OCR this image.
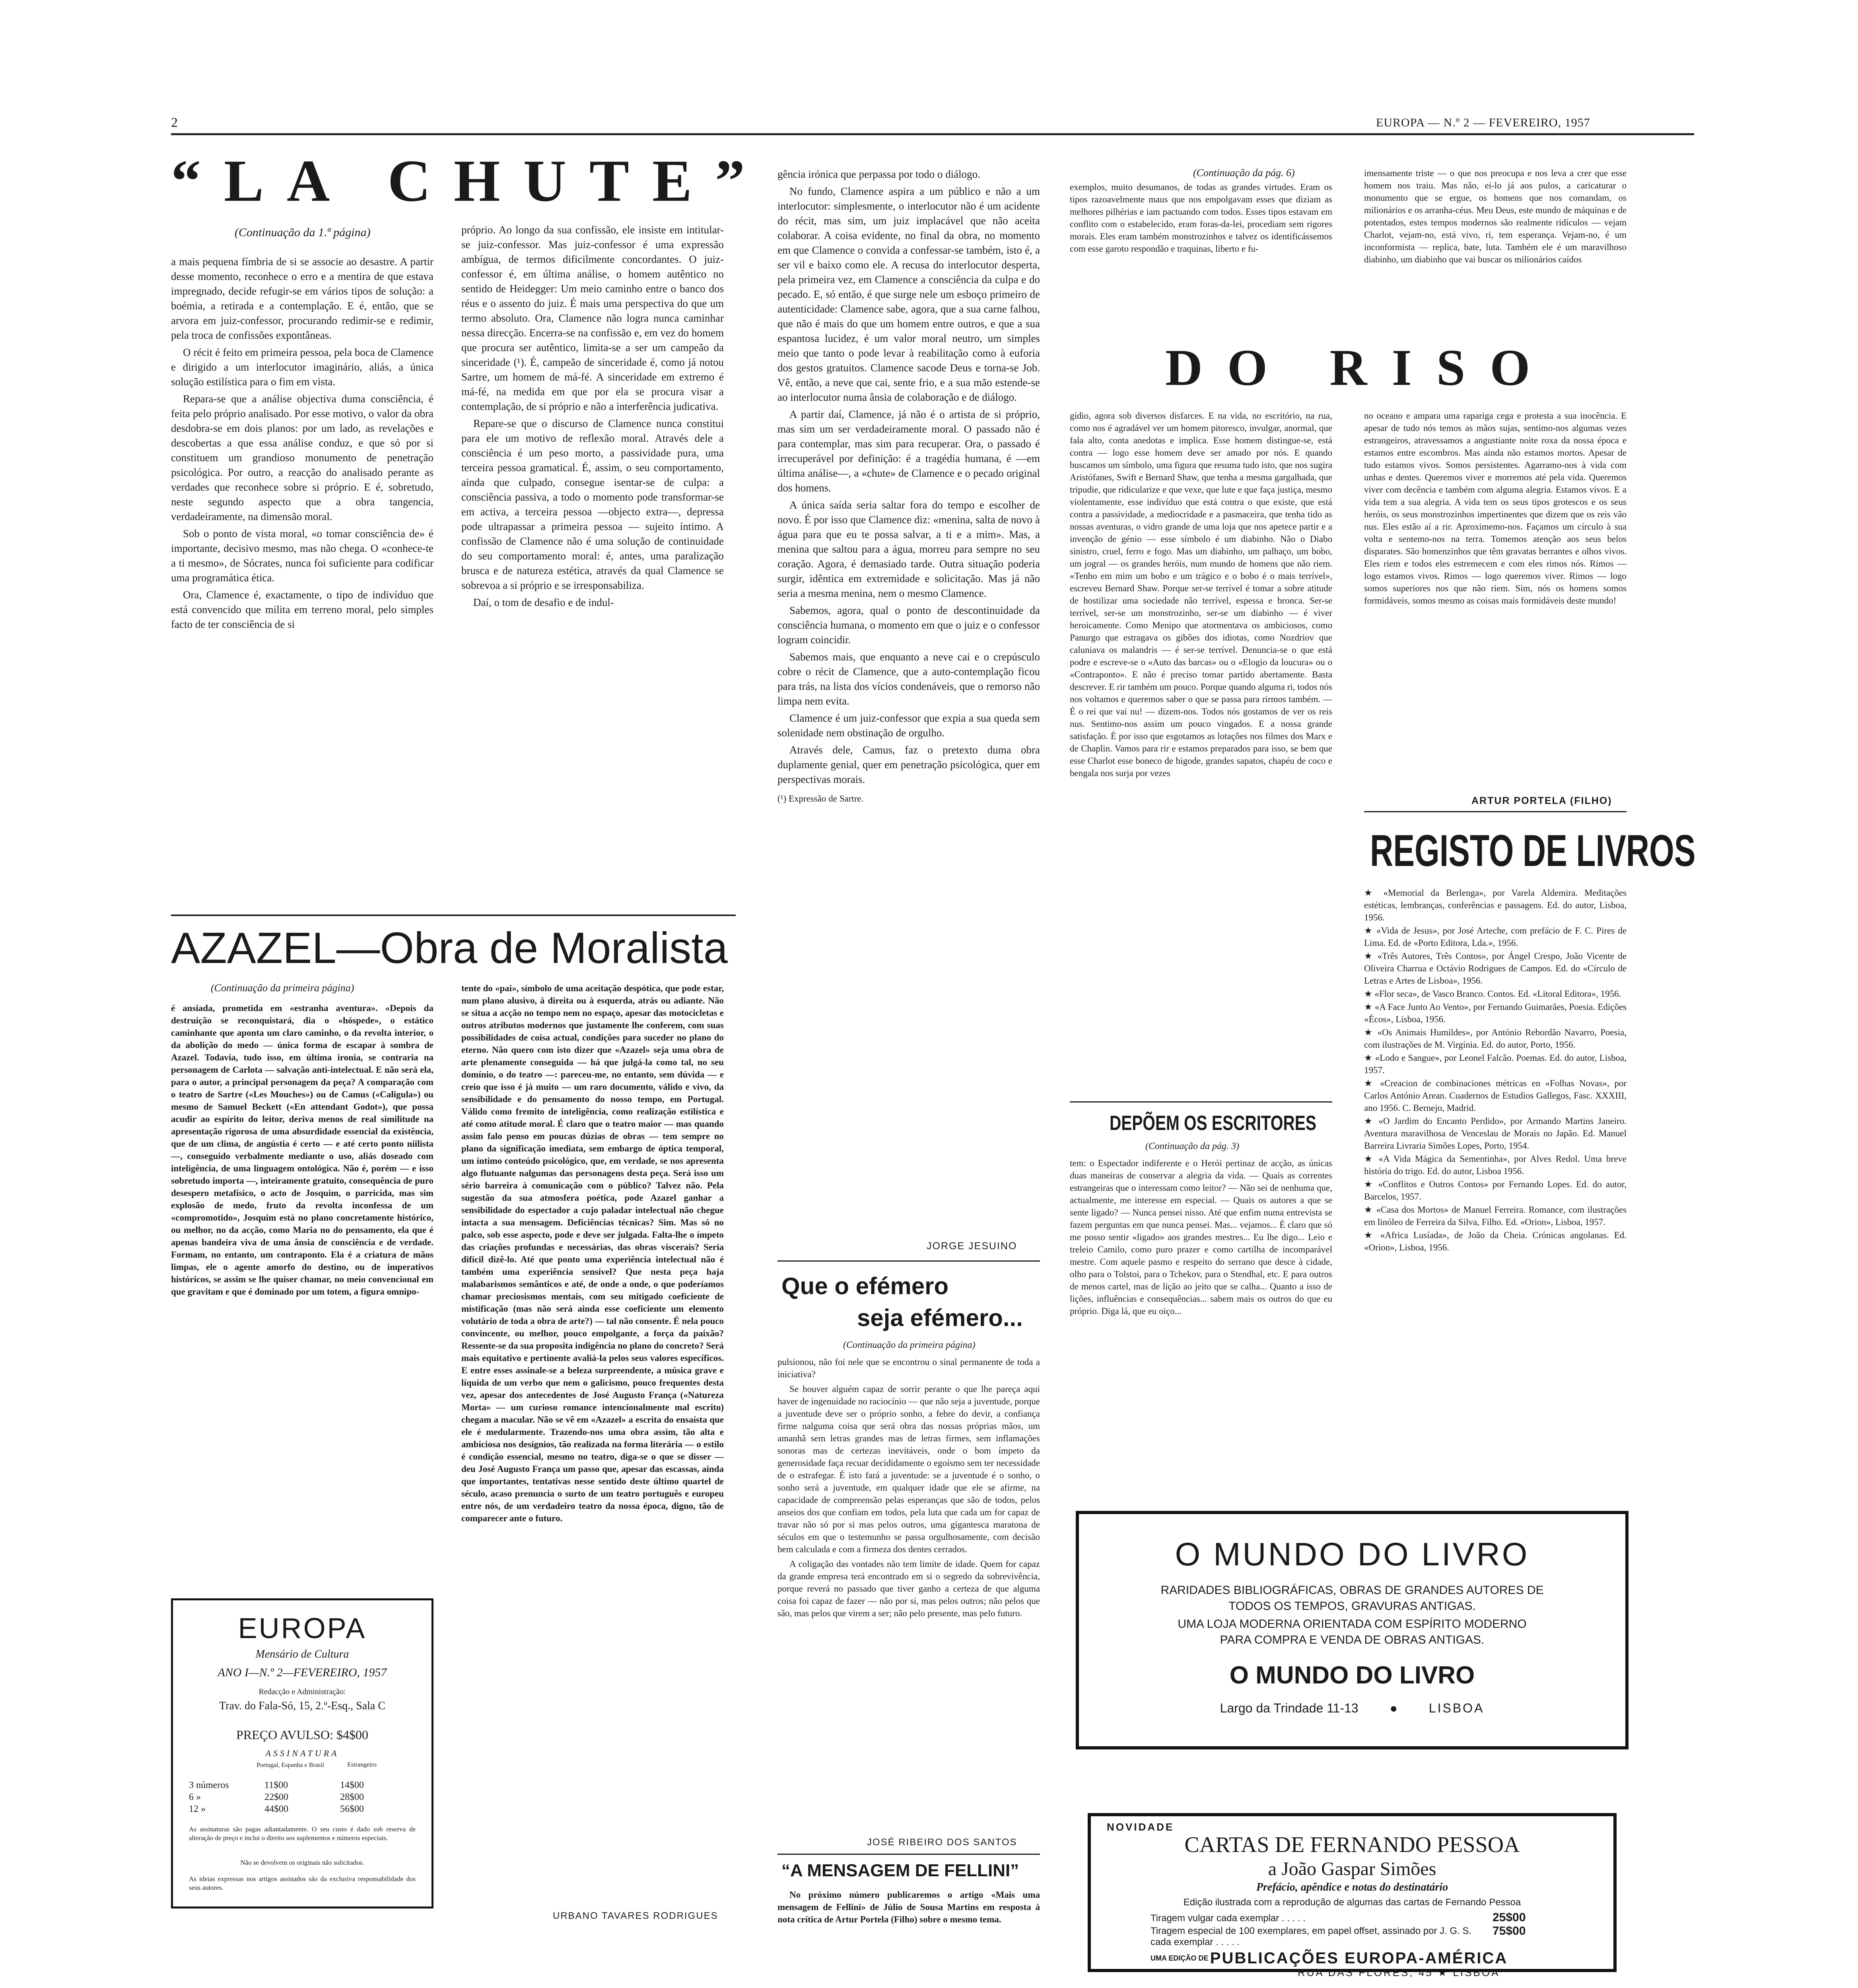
2	EUROPA — N.º 2 — FEVEREIRO, 1957
“LA CHUTE”
(Continuação da 1.ª página)

a mais pequena fímbria de si se associe ao desastre. A partir desse momento, reconhece o erro e a mentira de que estava impregnado, decide refugir-se em vários tipos de solução: a boémia, a retirada e a contemplação. E é, então, que se arvora em juiz-confessor, procurando redimir-se e redimir, pela troca de confissões expontâneas.

O récit é feito em primeira pessoa, pela boca de Clamence e dirigido a um interlocutor imaginário, aliás, a única solução estilística para o fim em vista.

Repara-se que a análise objectiva duma consciência, é feita pelo próprio analisado. Por esse motivo, o valor da obra desdobra-se em dois planos: por um lado, as revelações e descobertas a que essa análise conduz, e que só por si constituem um grandioso monumento de penetração psicológica. Por outro, a reacção do analisado perante as verdades que reconhece sobre si próprio. E é, sobretudo, neste segundo aspecto que a obra tangencia, verdadeiramente, na dimensão moral.

Sob o ponto de vista moral, «o tomar consciência de» é importante, decisivo mesmo, mas não chega. O «conhece-te a ti mesmo», de Sócrates, nunca foi suficiente para codificar uma programática ética.

Ora, Clamence é, exactamente, o tipo de indivíduo que está convencido que milita em terreno moral, pelo simples facto de ter consciência de si

próprio. Ao longo da sua confissão, ele insiste em intitular-se juiz-confessor. Mas juiz-confessor é uma expressão ambígua, de termos dificilmente concordantes. O juiz-confessor é, em última análise, o homem autêntico no sentido de Heidegger: Um meio caminho entre o banco dos réus e o assento do juiz. É mais uma perspectiva do que um termo absoluto. Ora, Clamence não logra nunca caminhar nessa direcção. Encerra-se na confissão e, em vez do homem que procura ser autêntico, limita-se a ser um campeão da sinceridade (¹). É, campeão de sinceridade é, como já notou Sartre, um homem de má-fé. A sinceridade em extremo é má-fé, na medida em que por ela se procura visar a contemplação, de si próprio e não a interferência judicativa.

Repare-se que o discurso de Clamence nunca constitui para ele um motivo de reflexão moral. Através dele a consciência é um peso morto, a passividade pura, uma terceira pessoa gramatical. É, assim, o seu comportamento, ainda que culpado, consegue isentar-se de culpa: a consciência passiva, a todo o momento pode transformar-se em activa, a terceira pessoa —objecto extra—, depressa pode ultrapassar a primeira pessoa — sujeito íntimo. A confissão de Clamence não é uma solução de continuidade do seu comportamento moral: é, antes, uma paralização brusca e de natureza estética, através da qual Clamence se sobrevoa a si próprio e se irresponsabiliza.

Daí, o tom de desafio e de indul-

gência irónica que perpassa por todo o diálogo.

No fundo, Clamence aspira a um público e não a um interlocutor: simplesmente, o interlocutor não é um acidente do récit, mas sim, um juiz implacável que não aceita colaborar. A coisa evidente, no final da obra, no momento em que Clamence o convida a confessar-se também, isto é, a ser vil e baixo como ele. A recusa do interlocutor desperta, pela primeira vez, em Clamence a consciência da culpa e do pecado. E, só então, é que surge nele um esboço primeiro de autenticidade: Clamence sabe, agora, que a sua carne falhou, que não é mais do que um homem entre outros, e que a sua espantosa lucidez, é um valor moral neutro, um simples meio que tanto o pode levar à reabilitação como à euforia dos gestos gratuitos. Clamence sacode Deus e torna-se Job. Vê, então, a neve que cai, sente frio, e a sua mão estende-se ao interlocutor numa ânsia de colaboração e de diálogo.

A partir daí, Clamence, já não é o artista de si próprio, mas sim um ser verdadeiramente moral. O passado não é para contemplar, mas sim para recuperar. Ora, o passado é irrecuperável por definição: é a tragédia humana, é —em última análise—, a «chute» de Clamence e o pecado original dos homens.

A única saída seria saltar fora do tempo e escolher de novo. É por isso que Clamence diz: «menina, salta de novo à água para que eu te possa salvar, a ti e a mim». Mas, a menina que saltou para a água, morreu para sempre no seu coração. Agora, é demasiado tarde. Outra situação poderia surgir, idêntica em extremidade e solicitação. Mas já não seria a mesma menina, nem o mesmo Clamence.

Sabemos, agora, qual o ponto de descontinuidade da consciência humana, o momento em que o juiz e o confessor logram coincidir.

Sabemos mais, que enquanto a neve cai e o crepúsculo cobre o récit de Clamence, que a auto-contemplação ficou para trás, na lista dos vícios condenáveis, que o remorso não limpa nem evita.

Clamence é um juiz-confessor que expia a sua queda sem solenidade nem obstinação de orgulho.

Através dele, Camus, faz o pretexto duma obra duplamente genial, quer em penetração psicológica, quer em perspectivas morais.

(¹) Expressão de Sartre.

JORGE JESUINO
AZAZEL—Obra de Moralista
(Continuação da primeira página)

é ansiada, prometida em «estranha aventura». «Depois da destruição se reconquistará, dia o «hóspede», o estático caminhante que aponta um claro caminho, o da revolta interior, o da abolição do medo — única forma de escapar à sombra de Azazel. Todavia, tudo isso, em última ironia, se contraria na personagem de Carlota — salvação anti-intelectual. E não será ela, para o autor, a principal personagem da peça? A comparação com o teatro de Sartre («Les Mouches») ou de Camus («Caligula») ou mesmo de Samuel Beckett («En attendant Godot»), que possa acudir ao espírito do leitor, deriva menos de real similitude na apresentação rigorosa de uma absurdidade essencial da existência, que de um clima, de angústia é certo — e até certo ponto niilista —, conseguido verbalmente mediante o uso, aliás doseado com inteligência, de uma linguagem ontológica. Não é, porém — e isso sobretudo importa —, inteiramente gratuito, consequência de puro desespero metafísico, o acto de Josquim, o parricida, mas sim explosão de medo, fruto da revolta inconfessa de um «compromotido», Josquim está no plano concretamente histórico, ou melhor, no da acção, como Maria no do pensamento, ela que é apenas bandeira viva de uma ânsia de consciência e de verdade. Formam, no entanto, um contraponto. Ela é a criatura de mãos limpas, ele o agente amorfo do destino, ou de imperativos históricos, se assim se lhe quiser chamar, no meio convencional em que gravitam e que é dominado por um totem, a figura omnipo-

tente do «pai», símbolo de uma aceitação despótica, que pode estar, num plano alusivo, à direita ou à esquerda, atrás ou adiante. Não se situa a acção no tempo nem no espaço, apesar das motocicletas e outros atributos modernos que justamente lhe conferem, com suas possibilidades de coisa actual, condições para suceder no plano do eterno. Não quero com isto dizer que «Azazel» seja uma obra de arte plenamente conseguida — há que julgá-la como tal, no seu domínio, o do teatro —: pareceu-me, no entanto, sem dúvida — e creio que isso é já muito — um raro documento, válido e vivo, da sensibilidade e do pensamento do nosso tempo, em Portugal. Válido como fremito de inteligência, como realização estilística e até como atitude moral. É claro que o teatro maior — mas quando assim falo penso em poucas dúzias de obras — tem sempre no plano da significação imediata, sem embargo de óptica temporal, um íntimo conteúdo psicológico, que, em verdade, se nos apresenta algo flutuante nalgumas das personagens desta peça. Será isso um sério barreira à comunicação com o público? Talvez não. Pela sugestão da sua atmosfera poética, pode Azazel ganhar a sensibilidade do espectador a cujo paladar intelectual não chegue intacta a sua mensagem. Deficiências técnicas? Sim. Mas só no palco, sob esse aspecto, pode e deve ser julgada. Falta-lhe o ímpeto das criações profundas e necessárias, das obras viscerais? Seria difícil dizê-lo. Até que ponto uma experiência intelectual não é também uma experiência sensível? Que nesta peça haja malabarismos semânticos e até, de onde a onde, o que poderíamos chamar preciosismos mentais, com seu mitigado coeficiente de mistificação (mas não será ainda esse coeficiente um elemento volutário de toda a obra de arte?) — tal não consente. É nela pouco convincente, ou melhor, pouco empolgante, a força da paixão? Ressente-se da sua proposita indigência no plano do concreto? Será mais equitativo e pertinente avaliá-la pelos seus valores específicos. E entre esses assinale-se a beleza surpreendente, a música grave e líquida de um verbo que nem o galicismo, pouco frequentes desta vez, apesar dos antecedentes de José Augusto França («Natureza Morta» — um curioso romance intencionalmente mal escrito) chegam a macular. Não se vê em «Azazel» a escrita do ensaísta que ele é medularmente. Trazendo-nos uma obra assim, tão alta e ambiciosa nos desígnios, tão realizada na forma literária — o estilo é condição essencial, mesmo no teatro, diga-se o que se disser — deu José Augusto França um passo que, apesar das escassas, ainda que importantes, tentativas nesse sentido deste último quartel de século, acaso prenuncia o surto de um teatro português e europeu entre nós, de um verdadeiro teatro da nossa época, digno, tão de comparecer ante o futuro.

URBANO TAVARES RODRIGUES
EUROPA
Mensário de Cultura
ANO I—N.º 2—FEVEREIRO, 1957
Redacção e Administração:
Trav. do Fala-Só, 15, 2.º-Esq., Sala C
PREÇO AVULSO: $4$00
ASSINATURA
Portugal, Espanha e Brasil	Estrangeiro
3 números	11$00	14$00
6 »	22$00	28$00
12 »	44$00	56$00
As assinaturas são pagas adiantadamente. O seu custo é dado sob reserva de alteração de preço e inclui o direito aos suplementos e números especiais.
Não se devolvem os originais não solicitados.
As ideias expressas nos artigos assinados são da exclusiva responsabilidade dos seus autores.
Que o efémero
seja efémero...
(Continuação da primeira página)

pulsionou, não foi nele que se encontrou o sinal permanente de toda a iniciativa?

Se houver alguém capaz de sorrir perante o que lhe pareça aqui haver de ingenuidade no raciocínio — que não seja a juventude, porque a juventude deve ser o próprio sonho, a febre do devir, a confiança firme nalguma coisa que será obra das nossas próprias mãos, um amanhã sem letras grandes mas de letras firmes, sem inflamações sonoras mas de certezas inevitáveis, onde o bom ímpeto da generosidade faça recuar decididamente o egoísmo sem ter necessidade de o estrafegar. É isto fará a juventude: se a juventude é o sonho, o sonho será a juventude, em qualquer idade que ele se afirme, na capacidade de compreensão pelas esperanças que são de todos, pelos anseios dos que confiam em todos, pela luta que cada um for capaz de travar não só por si mas pelos outros, uma gigantesca maratona de séculos em que o testemunho se passa orgulhosamente, com decisão bem calculada e com a firmeza dos dentes cerrados.

A coligação das vontades não tem limite de idade. Quem for capaz da grande empresa terá encontrado em si o segredo da sobrevivência, porque reverá no passado que tiver ganho a certeza de que alguma coisa foi capaz de fazer — não por si, mas pelos outros; não pelos que são, mas pelos que virem a ser; não pelo presente, mas pelo futuro.

JOSÉ RIBEIRO DOS SANTOS
“A MENSAGEM DE FELLINI”

No próximo número publicaremos o artigo «Mais uma mensagem de Fellini» de Júlio de Sousa Martins em resposta à nota crítica de Artur Portela (Filho) sobre o mesmo tema.

(Continuação da pág. 6)

exemplos, muito desumanos, de todas as grandes virtudes. Eram os tipos razoavelmente maus que nos empolgavam esses que diziam as melhores pilhérias e iam pactuando com todos. Esses tipos estavam em conflito com o estabelecido, eram foras-da-lei, procediam sem rigores morais. Eles eram também monstrozinhos e talvez os identificássemos com esse garoto respondão e traquinas, liberto e fu-

imensamente triste — o que nos preocupa e nos leva a crer que esse homem nos traiu. Mas não, ei-lo já aos pulos, a caricaturar o monumento que se ergue, os homens que nos comandam, os milionários e os arranha-céus. Meu Deus, este mundo de máquinas e de potentados, estes tempos modernos são realmente ridículos — vejam Charlot, vejam-no, está vivo, ri, tem esperança. Vejam-no, é um inconformista — replica, bate, luta. Também ele é um maravilhoso diabinho, um diabinho que vai buscar os milionários caídos

DO RISO

gidio, agora sob diversos disfarces. E na vida, no escritório, na rua, como nos é agradável ver um homem pitoresco, invulgar, anormal, que fala alto, conta anedotas e implica. Esse homem distingue-se, está contra — logo esse homem deve ser amado por nós. E quando buscamos um símbolo, uma figura que resuma tudo isto, que nos sugira Aristófanes, Swift e Bernard Shaw, que tenha a mesma gargalhada, que tripudie, que ridicularize e que vexe, que lute e que faça justiça, mesmo violentamente, esse indivíduo que está contra o que existe, que está contra a passividade, a mediocridade e a pasmaceira, que tenha tido as nossas aventuras, o vidro grande de uma loja que nos apetece partir e a invenção de génio — esse símbolo é um diabinho. Não o Diabo sinistro, cruel, ferro e fogo. Mas um diabinho, um palhaço, um bobo, um jogral — os grandes heróis, num mundo de homens que não riem. «Tenho em mim um bobo e um trágico e o bobo é o mais terrível», escreveu Bernard Shaw. Porque ser-se terrível é tomar a sobre atitude de hostilizar uma sociedade não terrível, espessa e bronca. Ser-se terrível, ser-se um monstrozinho, ser-se um diabinho — é viver heroicamente. Como Menipo que atormentava os ambiciosos, como Panurgo que estragava os gibões dos idiotas, como Nozdriov que caluniava os malandris — é ser-se terrível. Denuncia-se o que está podre e escreve-se o «Auto das barcas» ou o «Elogio da loucura» ou o «Contraponto». E não é preciso tomar partido abertamente. Basta descrever. E rir também um pouco. Porque quando alguma ri, todos nós nos voltamos e queremos saber o que se passa para rirmos também. — É o rei que vai nu! — dizem-nos. Todos nós gostamos de ver os reis nus. Sentimo-nos assim um pouco vingados. E a nossa grande satisfação. É por isso que esgotamos as lotações nos filmes dos Marx e de Chaplin. Vamos para rir e estamos preparados para isso, se bem que esse Charlot esse boneco de bigode, grandes sapatos, chapéu de coco e bengala nos surja por vezes

no oceano e ampara uma rapariga cega e protesta a sua inocência. E apesar de tudo nós temos as mãos sujas, sentimo-nos algumas vezes estrangeiros, atravessamos a angustiante noite roxa da nossa época e estamos entre escombros. Mas ainda não estamos mortos. Apesar de tudo estamos vivos. Somos persistentes. Agarramo-nos à vida com unhas e dentes. Queremos viver e morremos até pela vida. Queremos viver com decência e também com alguma alegria. Estamos vivos. E a vida tem a sua alegria. A vida tem os seus tipos grotescos e os seus heróis, os seus monstrozinhos impertinentes que dizem que os reis vão nus. Eles estão aí a rir. Aproximemo-nos. Façamos um círculo à sua volta e sentemo-nos na terra. Tomemos atenção aos seus belos disparates. São homenzinhos que têm gravatas berrantes e olhos vivos. Eles riem e todos eles estremecem e com eles rimos nós. Rimos — logo estamos vivos. Rimos — logo queremos viver. Rimos — logo somos superiores nos que não riem. Sim, nós os homens somos formidáveis, somos mesmo as coisas mais formidáveis deste mundo!

ARTUR PORTELA (FILHO)
DEPÕEM OS ESCRITORES
(Continuação da pág. 3)

tem: o Espectador indiferente e o Herói pertinaz de acção, as únicas duas maneiras de conservar a alegria da vida. — Quais as correntes estrangeiras que o interessam como leitor? — Não sei de nenhuma que, actualmente, me interesse em especial. — Quais os autores a que se sente ligado? — Nunca pensei nisso. Até que enfim numa entrevista se fazem perguntas em que nunca pensei. Mas... vejamos... É claro que só me posso sentir «ligado» aos grandes mestres... Eu lhe digo... Leio e treleio Camilo, como puro prazer e como cartilha de incomparável mestre. Com aquele pasmo e respeito do serrano que desce à cidade, olho para o Tolstoi, para o Tchekov, para o Stendhal, etc. E para outros de menos cartel, mas de lição ao jeito que se calha... Quanto a isso de lições, influências e consequências... sabem mais os outros do que eu próprio. Diga lá, que eu oiço...

REGISTO DE LIVROS
★ «Memorial da Berlenga», por Varela Aldemira. Meditações estéticas, lembranças, conferências e passagens. Ed. do autor, Lisboa, 1956.
★ «Vida de Jesus», por José Arteche, com prefácio de F. C. Pires de Lima. Ed. de «Porto Editora, Lda.», 1956.
★ «Três Autores, Três Contos», por Ángel Crespo, João Vicente de Oliveira Charrua e Octávio Rodrigues de Campos. Ed. do «Círculo de Letras e Artes de Lisboa», 1956.
★ «Flor seca», de Vasco Branco. Contos. Ed. «Litoral Editora», 1956.
★ «A Face Junto Ao Vento», por Fernando Guimarães, Poesia. Edições «Écos», Lisboa, 1956.
★ «Os Animais Humildes», por António Rebordão Navarro, Poesia, com ilustrações de M. Virgínia. Ed. do autor, Porto, 1956.
★ «Lodo e Sangue», por Leonel Falcão. Poemas. Ed. do autor, Lisboa, 1957.
★ «Creacion de combinaciones métricas en «Folhas Novas», por Carlos António Arean. Cuadernos de Estudios Gallegos, Fasc. XXXIII, ano 1956. C. Bernejo, Madrid.
★ «O Jardim do Encanto Perdido», por Armando Martins Janeiro. Aventura maravilhosa de Venceslau de Morais no Japão. Ed. Manuel Barreira Livraria Simões Lopes, Porto, 1954.
★ «A Vida Mágica da Sementinha», por Alves Redol. Uma breve história do trigo. Ed. do autor, Lisboa 1956.
★ «Conflitos e Outros Contos» por Fernando Lopes. Ed. do autor, Barcelos, 1957.
★ «Casa dos Mortos» de Manuel Ferreira. Romance, com ilustrações em linóleo de Ferreira da Silva, Filho. Ed. «Orion», Lisboa, 1957.
★ «Africa Lusíada», de João da Cheia. Crónicas angolanas. Ed. «Orion», Lisboa, 1956.
O MUNDO DO LIVRO
RARIDADES BIBLIOGRÁFICAS, OBRAS DE GRANDES AUTORES DE
TODOS OS TEMPOS, GRAVURAS ANTIGAS.
UMA LOJA MODERNA ORIENTADA COM ESPÍRITO MODERNO
PARA COMPRA E VENDA DE OBRAS ANTIGAS.
O MUNDO DO LIVRO
Largo da Trindade 11-13 ● LISBOA
NOVIDADE
CARTAS DE FERNANDO PESSOA
a João Gaspar Simões
Prefácio, apêndice e notas do destinatário
Edição ilustrada com a reprodução de algumas das cartas de Fernando Pessoa
Tiragem vulgar cada exemplar . . . . .	25$00
Tiragem especial de 100 exemplares, em papel offset, assinado por J. G. S. cada exemplar . . . . .75$00
UMA EDIÇÃO DE PUBLICAÇÕES EUROPA-AMÉRICA
RUA DAS FLORES, 45 ★ LISBOA
